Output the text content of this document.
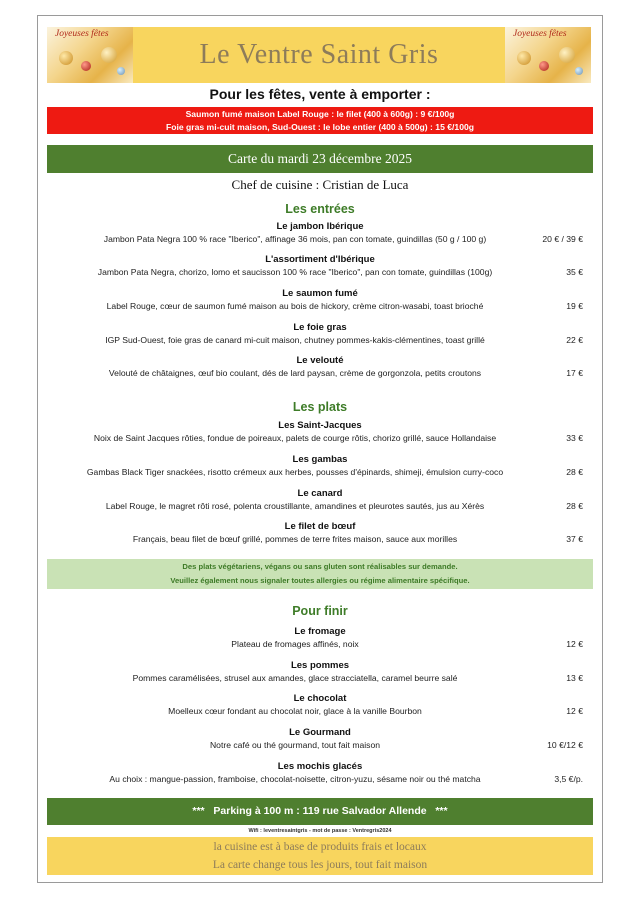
Joyeuses fêtes
Le Ventre Saint Gris
Joyeuses fêtes
Pour les fêtes, vente à emporter :
Saumon fumé maison Label Rouge : le filet (400 à 600g) : 9 €/100g
Foie gras mi-cuit maison, Sud-Ouest : le lobe entier (400 à 500g) : 15 €/100g
Carte du mardi 23 décembre 2025
Chef de cuisine : Cristian de Luca
Les entrées
Le jambon Ibérique
Jambon Pata Negra 100 % race "Iberico", affinage 36 mois, pan con tomate, guindillas (50 g / 100 g)	20 € / 39 €
L'assortiment d'Ibérique
Jambon Pata Negra, chorizo, lomo et saucisson 100 % race "Iberico", pan con tomate, guindillas (100g)	35 €
Le saumon fumé
Label Rouge, cœur de saumon fumé maison au bois de hickory, crème citron-wasabi, toast brioché	19 €
Le foie gras
IGP Sud-Ouest, foie gras de canard mi-cuit maison, chutney pommes-kakis-clémentines, toast grillé	22 €
Le velouté
Velouté de châtaignes, œuf bio coulant, dés de lard paysan, crème de gorgonzola, petits croutons	17 €
Les plats
Les Saint-Jacques
Noix de Saint Jacques rôties, fondue de poireaux, palets de courge rôtis, chorizo grillé, sauce Hollandaise	33 €
Les gambas
Gambas Black Tiger snackées, risotto crémeux aux herbes, pousses d'épinards, shimeji, émulsion curry-coco	28 €
Le canard
Label Rouge, le magret rôti rosé, polenta croustillante, amandines et pleurotes sautés, jus au Xérès	28 €
Le filet de bœuf
Français, beau filet de bœuf grillé, pommes de terre frites maison, sauce aux morilles	37 €
Des plats végétariens, végans ou sans gluten sont réalisables sur demande.
Veuillez également nous signaler toutes allergies ou régime alimentaire spécifique.
Pour finir
Le fromage
Plateau de fromages affinés, noix	12 €
Les pommes
Pommes caramélisées, strusel aux amandes, glace stracciatella, caramel beurre salé	13 €
Le chocolat
Moelleux cœur fondant au chocolat noir, glace à la vanille Bourbon	12 €
Le Gourmand
Notre café ou thé gourmand, tout fait maison	10 €/12 €
Les mochis glacés
Au choix : mangue-passion, framboise, chocolat-noisette, citron-yuzu, sésame noir ou thé matcha	3,5 €/p.
***   Parking à 100 m : 119 rue Salvador Allende   ***
Wifi : leventresaintgris - mot de passe : Ventregris2024
la cuisine est à base de produits frais et locaux
La carte change tous les jours, tout fait maison
